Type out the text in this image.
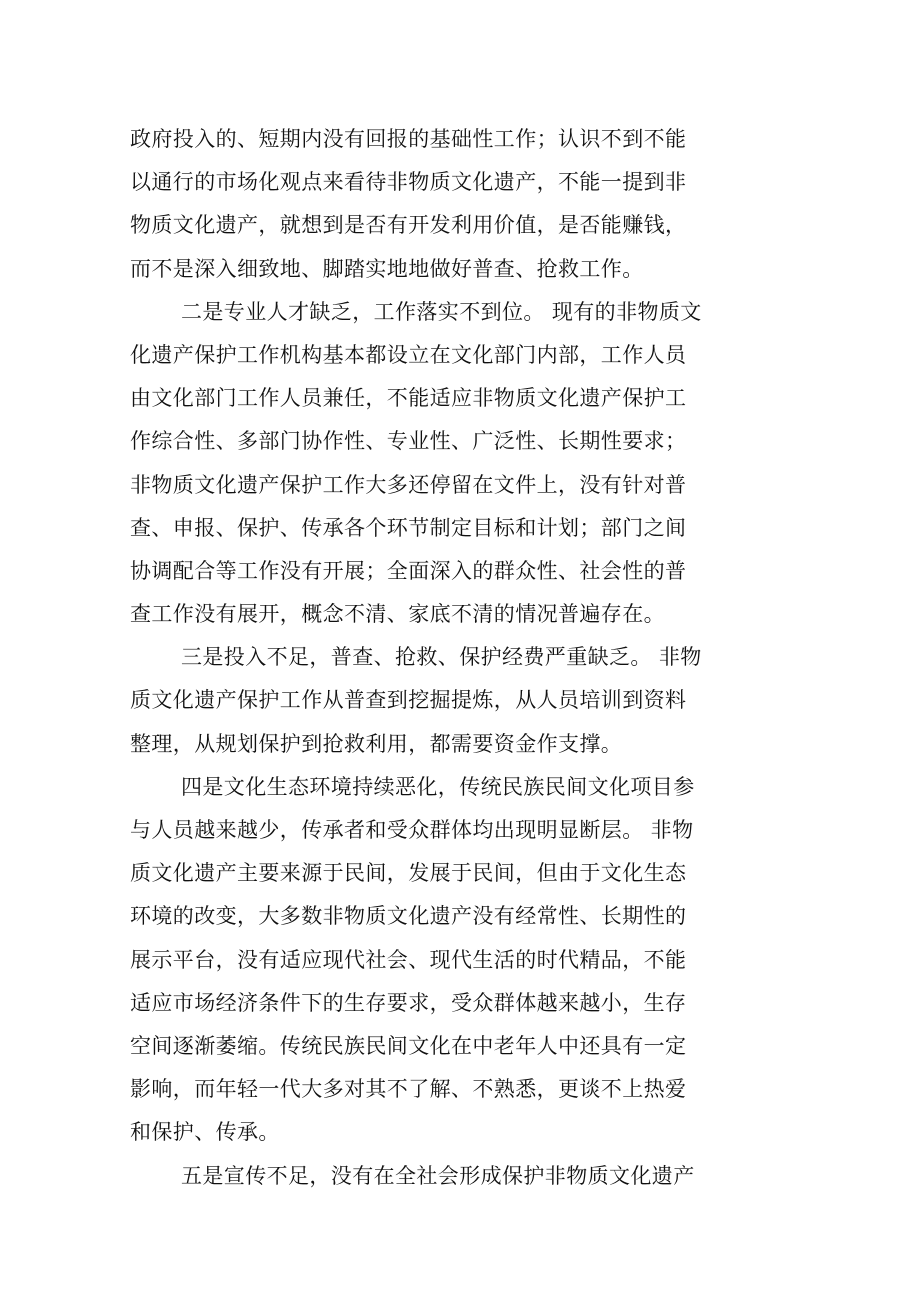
政府投入的、短期内没有回报的基础性工作；认识不到不能
以通行的市场化观点来看待非物质文化遗产，不能一提到非
物质文化遗产，就想到是否有开发利用价值，是否能赚钱，
而不是深入细致地、脚踏实地地做好普查、抢救工作。
二是专业人才缺乏，工作落实不到位。 现有的非物质文
化遗产保护工作机构基本都设立在文化部门内部，工作人员
由文化部门工作人员兼任，不能适应非物质文化遗产保护工
作综合性、多部门协作性、专业性、广泛性、长期性要求；
非物质文化遗产保护工作大多还停留在文件上，没有针对普
查、申报、保护、传承各个环节制定目标和计划；部门之间
协调配合等工作没有开展；全面深入的群众性、社会性的普
查工作没有展开，概念不清、家底不清的情况普遍存在。
三是投入不足，普查、抢救、保护经费严重缺乏。 非物
质文化遗产保护工作从普查到挖掘提炼，从人员培训到资料
整理，从规划保护到抢救利用，都需要资金作支撑。
四是文化生态环境持续恶化，传统民族民间文化项目参
与人员越来越少，传承者和受众群体均出现明显断层。 非物
质文化遗产主要来源于民间，发展于民间，但由于文化生态
环境的改变，大多数非物质文化遗产没有经常性、长期性的
展示平台，没有适应现代社会、现代生活的时代精品，不能
适应市场经济条件下的生存要求，受众群体越来越小，生存
空间逐渐萎缩。传统民族民间文化在中老年人中还具有一定
影响，而年轻一代大多对其不了解、不熟悉，更谈不上热爱
和保护、传承。
五是宣传不足，没有在全社会形成保护非物质文化遗产
